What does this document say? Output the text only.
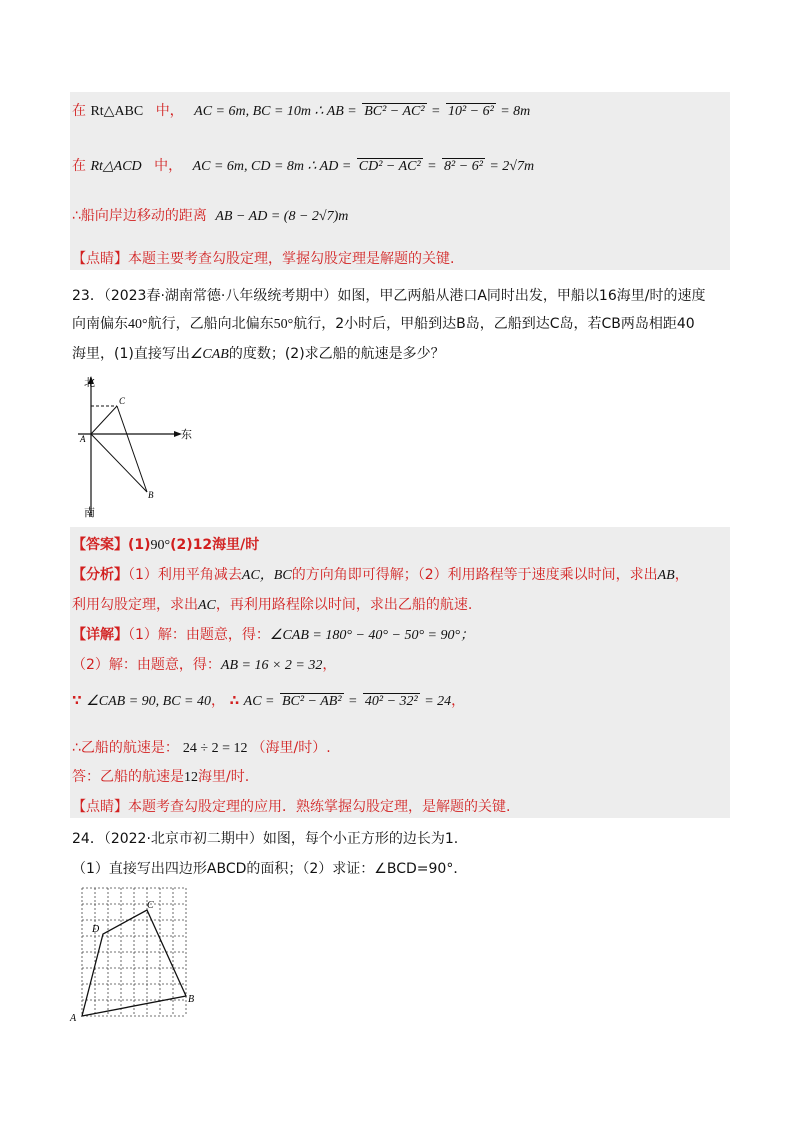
在 Rt△ABC 中， AC = 6m, BC = 10m ∴ AB = BC² − AC² = 10² − 6² = 8m
在 Rt△ACD 中， AC = 6m, CD = 8m ∴ AD = CD² − AC² = 8² − 6² = 2√7m
∴船向岸边移动的距离 AB − AD = (8 − 2√7)m
【点睛】本题主要考查勾股定理，掌握勾股定理是解题的关键.
23．（2023春·湖南常德·八年级统考期中）如图，甲乙两船从港口A同时出发，甲船以16海里/时的速度
向南偏东40°航行，乙船向北偏东50°航行，2小时后，甲船到达B岛，乙船到达C岛，若CB两岛相距40
海里，(1)直接写出∠CAB的度数；(2)求乙船的航速是多少？
北
东
南
A
C
B
【答案】(1)90°(2)12海里/时
【分析】（1）利用平角减去AC，BC的方向角即可得解；（2）利用路程等于速度乘以时间，求出AB，
利用勾股定理，求出AC，再利用路程除以时间，求出乙船的航速.
【详解】（1）解：由题意，得：∠CAB = 180° − 40° − 50° = 90°；
（2）解：由题意，得：AB = 16 × 2 = 32，
∵ ∠CAB = 90, BC = 40， ∴ AC = BC² − AB² = 40² − 32² = 24，
∴乙船的航速是： 24 ÷ 2 = 12 （海里/时）.
答：乙船的航速是12海里/时.
【点睛】本题考查勾股定理的应用．熟练掌握勾股定理，是解题的关键.
24．（2022·北京市初二期中）如图，每个小正方形的边长为1.
（1）直接写出四边形ABCD的面积；（2）求证：∠BCD=90°．
A
B
C
D
